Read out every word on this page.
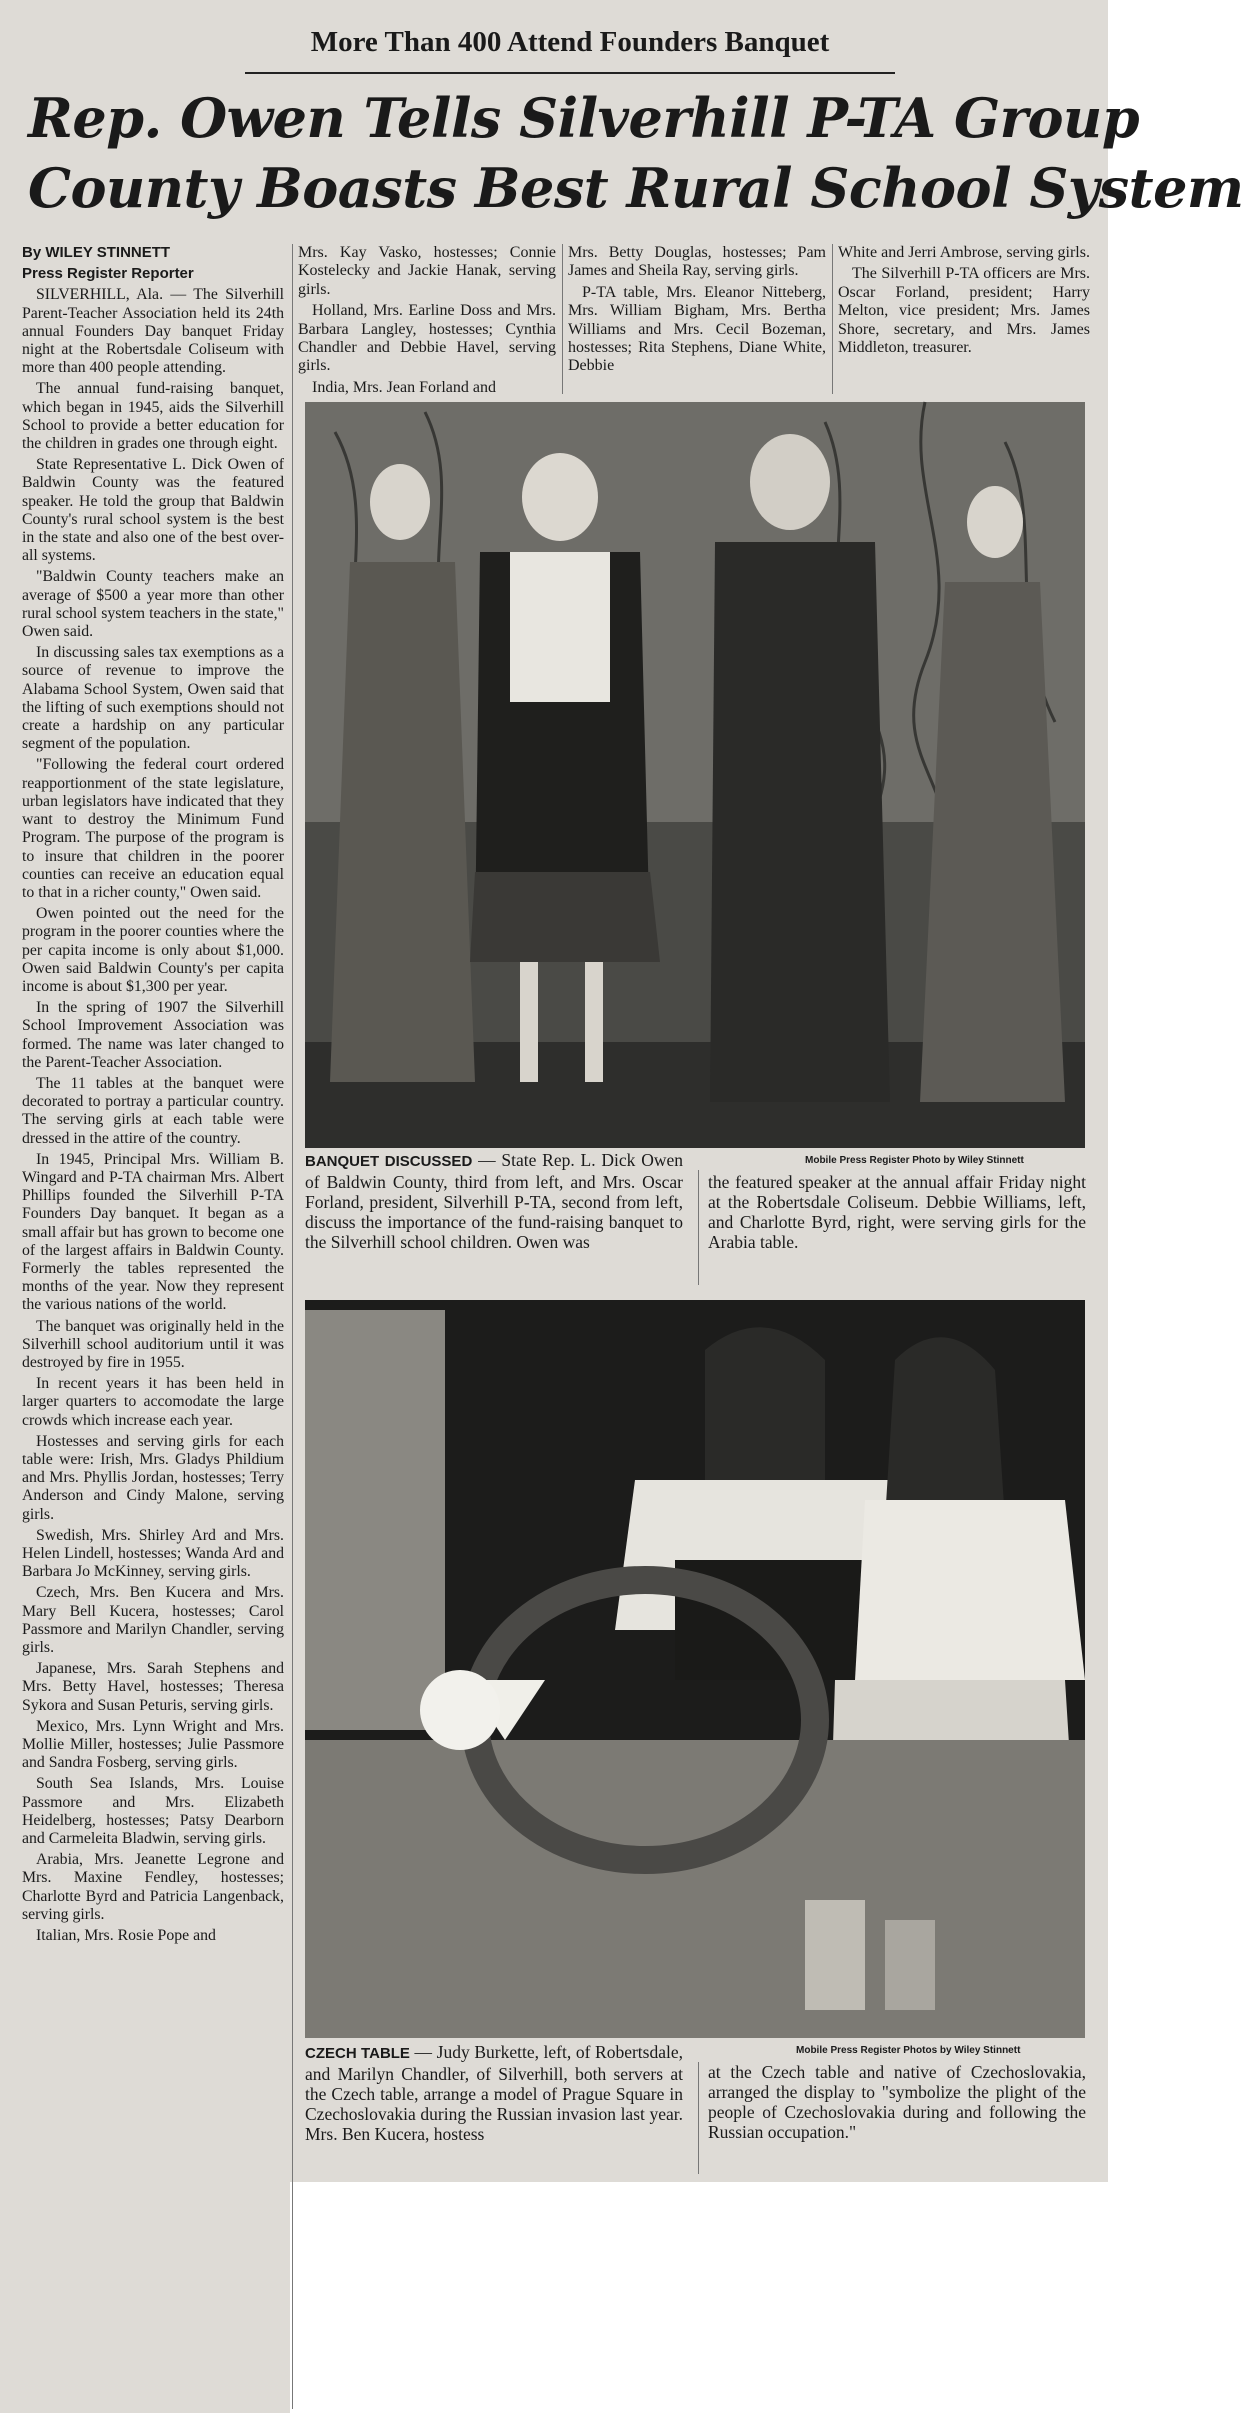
More Than 400 Attend Founders Banquet
Rep. Owen Tells Silverhill P-TA Group
County Boasts Best Rural School System

By WILEY STINNETT

Press Register Reporter

SILVERHILL, Ala. — The Silverhill Parent-Teacher Association held its 24th annual Founders Day banquet Friday night at the Robertsdale Coliseum with more than 400 people attending.

The annual fund-raising banquet, which began in 1945, aids the Silverhill School to provide a better education for the children in grades one through eight.

State Representative L. Dick Owen of Baldwin County was the featured speaker. He told the group that Baldwin County's rural school system is the best in the state and also one of the best over-all systems.

"Baldwin County teachers make an average of $500 a year more than other rural school system teachers in the state," Owen said.

In discussing sales tax exemptions as a source of revenue to improve the Alabama School System, Owen said that the lifting of such exemptions should not create a hardship on any particular segment of the population.

"Following the federal court ordered reapportionment of the state legislature, urban legislators have indicated that they want to destroy the Minimum Fund Program. The purpose of the program is to insure that children in the poorer counties can receive an education equal to that in a richer county," Owen said.

Owen pointed out the need for the program in the poorer counties where the per capita income is only about $1,000. Owen said Baldwin County's per capita income is about $1,300 per year.

In the spring of 1907 the Silverhill School Improvement Association was formed. The name was later changed to the Parent-Teacher Association.

The 11 tables at the banquet were decorated to portray a particular country. The serving girls at each table were dressed in the attire of the country.

In 1945, Principal Mrs. William B. Wingard and P-TA chairman Mrs. Albert Phillips founded the Silverhill P-TA Founders Day banquet. It began as a small affair but has grown to become one of the largest affairs in Baldwin County. Formerly the tables represented the months of the year. Now they represent the various nations of the world.

The banquet was originally held in the Silverhill school auditorium until it was destroyed by fire in 1955.

In recent years it has been held in larger quarters to accomodate the large crowds which increase each year.

Hostesses and serving girls for each table were: Irish, Mrs. Gladys Phildium and Mrs. Phyllis Jordan, hostesses; Terry Anderson and Cindy Malone, serving girls.

Swedish, Mrs. Shirley Ard and Mrs. Helen Lindell, hostesses; Wanda Ard and Barbara Jo McKinney, serving girls.

Czech, Mrs. Ben Kucera and Mrs. Mary Bell Kucera, hostesses; Carol Passmore and Marilyn Chandler, serving girls.

Japanese, Mrs. Sarah Stephens and Mrs. Betty Havel, hostesses; Theresa Sykora and Susan Peturis, serving girls.

Mexico, Mrs. Lynn Wright and Mrs. Mollie Miller, hostesses; Julie Passmore and Sandra Fosberg, serving girls.

South Sea Islands, Mrs. Louise Passmore and Mrs. Elizabeth Heidelberg, hostesses; Patsy Dearborn and Carmeleita Bladwin, serving girls.

Arabia, Mrs. Jeanette Legrone and Mrs. Maxine Fendley, hostesses; Charlotte Byrd and Patricia Langenback, serving girls.

Italian, Mrs. Rosie Pope and

Mrs. Kay Vasko, hostesses; Connie Kostelecky and Jackie Hanak, serving girls.

Holland, Mrs. Earline Doss and Mrs. Barbara Langley, hostesses; Cynthia Chandler and Debbie Havel, serving girls.

India, Mrs. Jean Forland and

Mrs. Betty Douglas, hostesses; Pam James and Sheila Ray, serving girls.

P-TA table, Mrs. Eleanor Nitteberg, Mrs. William Bigham, Mrs. Bertha Williams and Mrs. Cecil Bozeman, hostesses; Rita Stephens, Diane White, Debbie

White and Jerri Ambrose, serving girls.

The Silverhill P-TA officers are Mrs. Oscar Forland, president; Harry Melton, vice president; Mrs. James Shore, secretary, and Mrs. James Middleton, treasurer.

Mobile Press Register Photo by Wiley Stinnett
BANQUET DISCUSSED — State Rep. L. Dick Owen of Baldwin County, third from left, and Mrs. Oscar Forland, president, Silverhill P-TA, second from left, discuss the importance of the fund-raising banquet to the Silverhill school children. Owen was
the featured speaker at the annual affair Friday night at the Robertsdale Coliseum. Debbie Williams, left, and Charlotte Byrd, right, were serving girls for the Arabia table.
Mobile Press Register Photos by Wiley Stinnett
CZECH TABLE — Judy Burkette, left, of Robertsdale, and Marilyn Chandler, of Silverhill, both servers at the Czech table, arrange a model of Prague Square in Czechoslovakia during the Russian invasion last year. Mrs. Ben Kucera, hostess
at the Czech table and native of Czechoslovakia, arranged the display to "symbolize the plight of the people of Czechoslovakia during and following the Russian occupation."
